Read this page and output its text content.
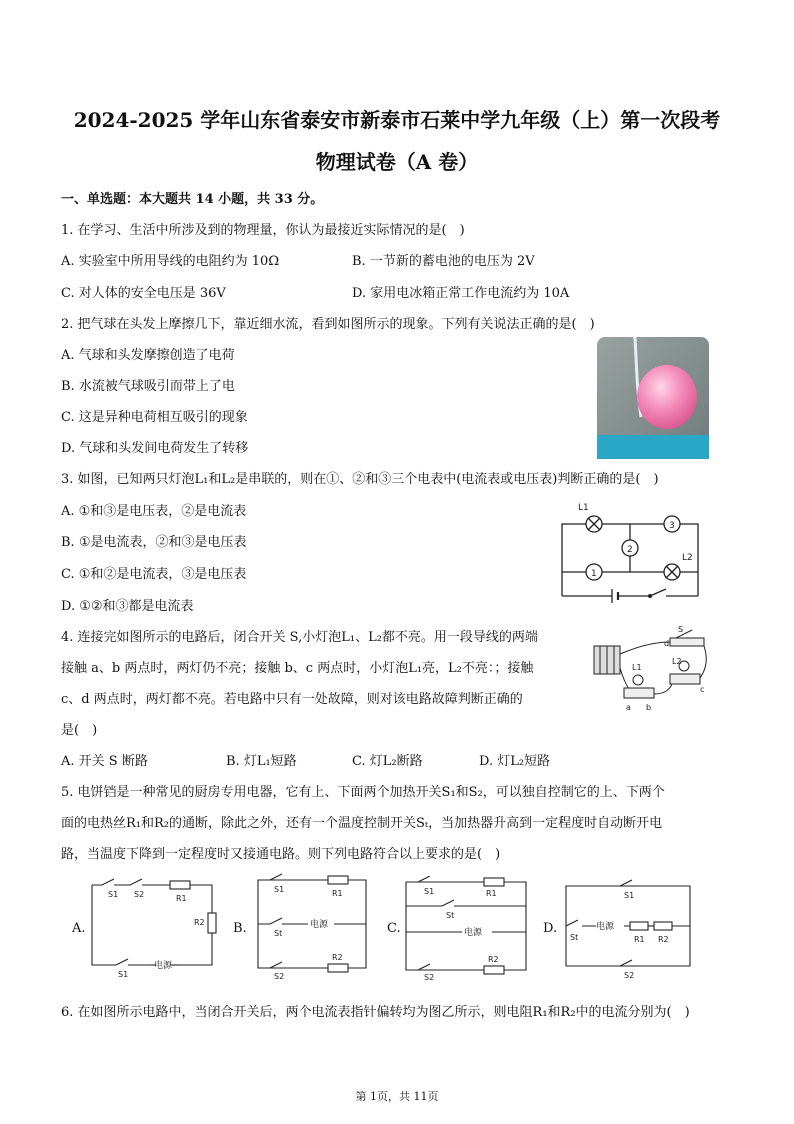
2024-2025 学年山东省泰安市新泰市石莱中学九年级（上）第一次段考
物理试卷（A 卷）
一、单选题：本大题共 14 小题，共 33 分。
1. 在学习、生活中所涉及到的物理量，你认为最接近实际情况的是(　)
A. 实验室中所用导线的电阻约为 10Ω	B. 一节新的蓄电池的电压为 2V
C. 对人体的安全电压是 36V	D. 家用电冰箱正常工作电流约为 10A
2. 把气球在头发上摩擦几下，靠近细水流，看到如图所示的现象。下列有关说法正确的是(　)
A. 气球和头发摩擦创造了电荷
B. 水流被气球吸引而带上了电
C. 这是异种电荷相互吸引的现象
D. 气球和头发间电荷发生了转移
3. 如图，已知两只灯泡L₁和L₂是串联的，则在①、②和③三个电表中(电流表或电压表)判断正确的是(　)
A. ①和③是电压表，②是电流表
B. ①是电流表，②和③是电压表
C. ①和②是电流表，③是电压表
D. ①②和③都是电流表
L1
3
2
1
L2
4. 连接完如图所示的电路后，闭合开关 S,小灯泡L₁、L₂都不亮。用一段导线的两端
接触 a、b 两点时，两灯仍不亮；接触 b、c 两点时，小灯泡L₁亮，L₂不亮：；接触
c、d 两点时，两灯都不亮。若电路中只有一处故障，则对该电路故障判断正确的
是(　)
A. 开关 S 断路	B. 灯L₁短路	C. 灯L₂断路	D. 灯L₂短路
S
d
L1
L2
a b
c
5. 电饼铛是一种常见的厨房专用电器，它有上、下面两个加热开关S₁和S₂，可以独自控制它的上、下两个
面的电热丝R₁和R₂的通断，除此之外，还有一个温度控制开关Sₜ，当加热器升高到一定程度时自动断开电
路，当温度下降到一定程度时又接通电路。则下列电路符合以上要求的是(　)
A.	B.	C.	D.
S1 S2	R1
R2
S1
电源
S1	R1
St
电源
R2
S2
S1	R1
St
电源
R2
S2
S1
St
电源
R1 R2
S2
6. 在如图所示电路中，当闭合开关后，两个电流表指针偏转均为图乙所示，则电阻R₁和R₂中的电流分别为(　)
第 1页，共 11页
